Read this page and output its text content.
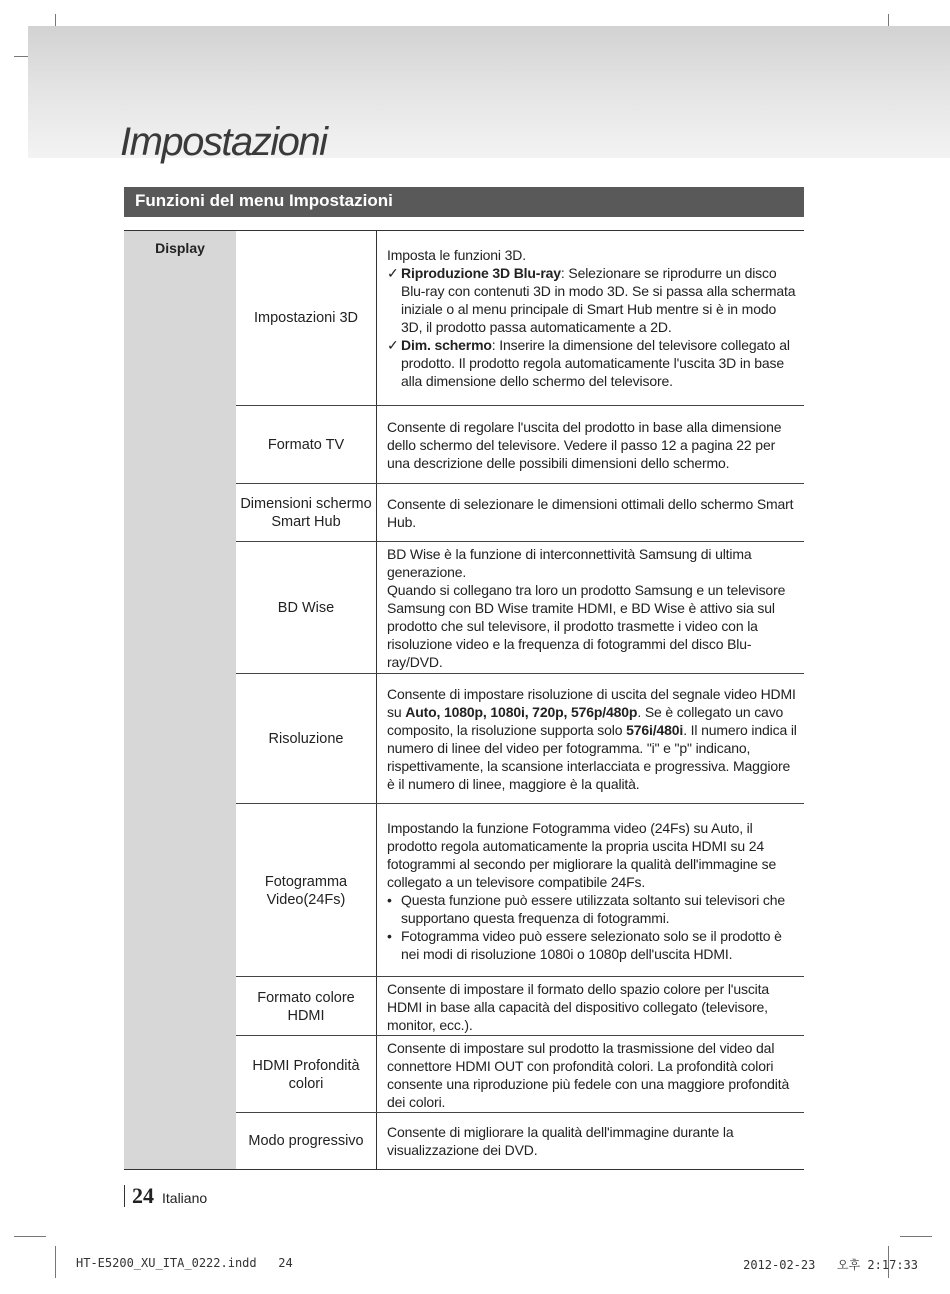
Impostazioni
Funzioni del menu Impostazioni
Display
Impostazioni 3D
Imposta le funzioni 3D.
✓ Riproduzione 3D Blu-ray: Selezionare se riprodurre un disco Blu-ray con contenuti 3D in modo 3D. Se si passa alla schermata iniziale o al menu principale di Smart Hub mentre si è in modo 3D, il prodotto passa automaticamente a 2D.
✓ Dim. schermo: Inserire la dimensione del televisore collegato al prodotto. Il prodotto regola automaticamente l'uscita 3D in base alla dimensione dello schermo del televisore.
Formato TV
Consente di regolare l'uscita del prodotto in base alla dimensione dello schermo del televisore. Vedere il passo 12 a pagina 22 per una descrizione delle possibili dimensioni dello schermo.
Dimensioni schermo Smart Hub
Consente di selezionare le dimensioni ottimali dello schermo Smart Hub.
BD Wise
BD Wise è la funzione di interconnettività Samsung di ultima generazione.
Quando si collegano tra loro un prodotto Samsung e un televisore Samsung con BD Wise tramite HDMI, e BD Wise è attivo sia sul prodotto che sul televisore, il prodotto trasmette i video con la risoluzione video e la frequenza di fotogrammi del disco Blu-ray/DVD.
Risoluzione
Consente di impostare risoluzione di uscita del segnale video HDMI su Auto, 1080p, 1080i, 720p, 576p/480p. Se è collegato un cavo composito, la risoluzione supporta solo 576i/480i. Il numero indica il numero di linee del video per fotogramma. "i" e "p" indicano, rispettivamente, la scansione interlacciata e progressiva. Maggiore è il numero di linee, maggiore è la qualità.
Fotogramma Video(24Fs)
Impostando la funzione Fotogramma video (24Fs) su Auto, il prodotto regola automaticamente la propria uscita HDMI su 24 fotogrammi al secondo per migliorare la qualità dell'immagine se collegato a un televisore compatibile 24Fs.
• Questa funzione può essere utilizzata soltanto sui televisori che supportano questa frequenza di fotogrammi.
• Fotogramma video può essere selezionato solo se il prodotto è nei modi di risoluzione 1080i o 1080p dell'uscita HDMI.
Formato colore HDMI
Consente di impostare il formato dello spazio colore per l'uscita HDMI in base alla capacità del dispositivo collegato (televisore, monitor, ecc.).
HDMI Profondità colori
Consente di impostare sul prodotto la trasmissione del video dal connettore HDMI OUT con profondità colori. La profondità colori consente una riproduzione più fedele con una maggiore profondità dei colori.
Modo progressivo
Consente di migliorare la qualità dell'immagine durante la visualizzazione dei DVD.
24 Italiano
HT-E5200_XU_ITA_0222.indd   24	2012-02-23   오후 2:17:33
